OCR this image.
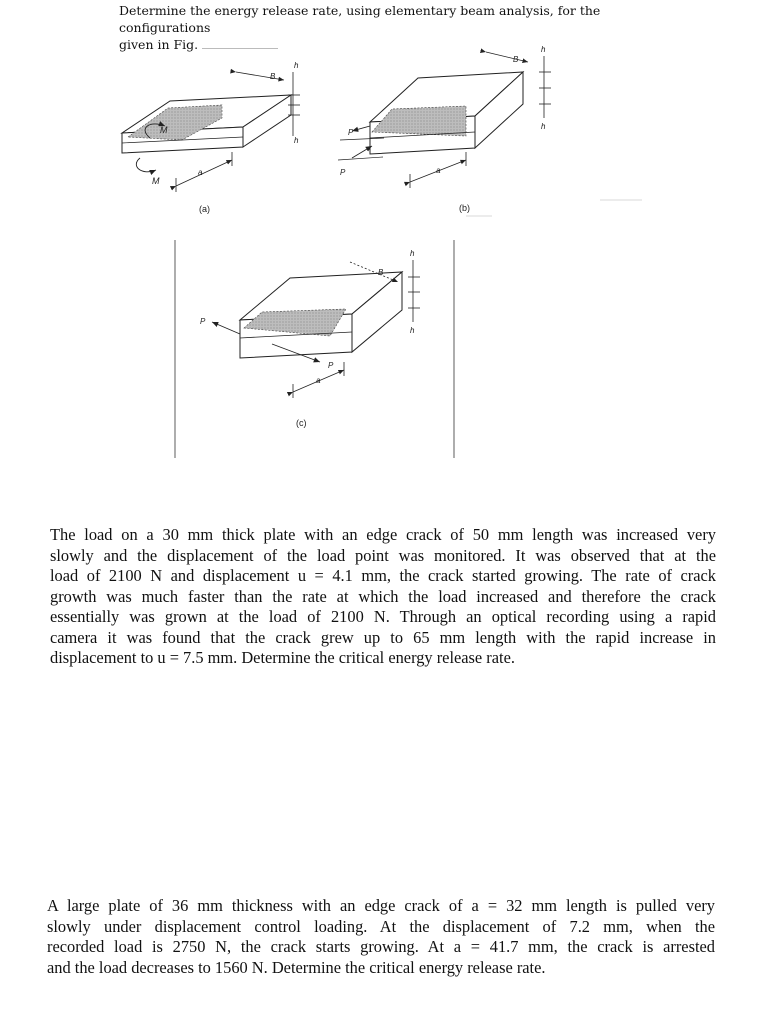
Determine the energy release rate, using elementary beam analysis, for the configurations
given in Fig.
M
M
B
h
h
a
(a)
P
P
B
h
h
a
(b)
P
P
B
h
h
a
(c)
The load on a 30 mm thick plate with an edge crack of 50 mm length was increased very
slowly and the displacement of the load point was monitored. It was observed that at the
load of 2100 N and displacement u = 4.1 mm, the crack started growing. The rate of crack
growth was much faster than the rate at which the load increased and therefore the crack
essentially was grown at the load of 2100 N. Through an optical recording using a rapid
camera it was found that the crack grew up to 65 mm length with the rapid increase in
displacement to u = 7.5 mm. Determine the critical energy release rate.
A large plate of 36 mm thickness with an edge crack of a = 32 mm length is pulled very
slowly under displacement control loading. At the displacement of 7.2 mm, when the
recorded load is 2750 N, the crack starts growing. At a = 41.7 mm, the crack is arrested
and the load decreases to 1560 N. Determine the critical energy release rate.
